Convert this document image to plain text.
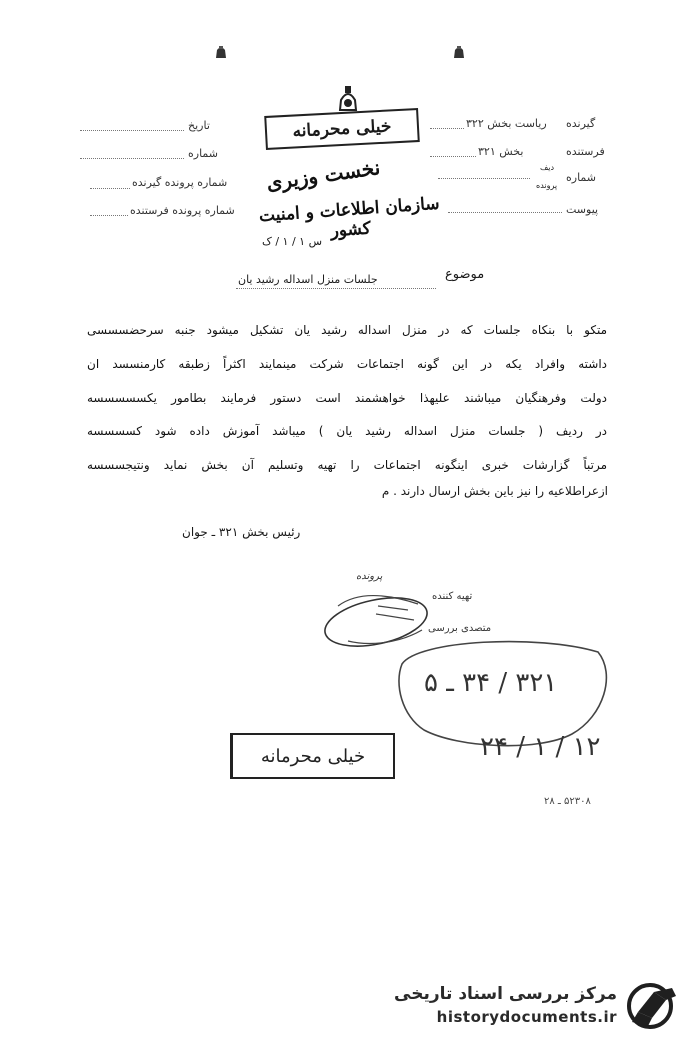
تاریخ
شماره
شماره پرونده گیرنده
شماره پرونده فرستنده
خیلی محرمانه
نخست وزیری
سازمان اطلاعات و امنیت کشور
س ۱ / ۱ / ک
گیرنده
ریاست بخش ۳۲۲
فرستنده
بخش ۳۲۱
شماره
دیف
پرونده
پیوست
موضوع
جلسات منزل اسداله رشید یان
متکو با بنکاه جلسات که در منزل اسداله رشید یان تشکیل میشود جنبه سرحضسسسی
داشته وافراد یکه در این گونه اجتماعات شرکت مینمایند اکثراً زطبقه کارمنسسد ان
دولت وفرهنگیان میباشند علیهذا خواهشمند است دستور فرمایند بطامور یکسسسسسه
در ردیف ( جلسات منزل اسداله رشید یان ) میباشد آموزش داده شود کسسسسه
مرتباً گزارشات خبری اینگونه اجتماعات را تهیه وتسلیم آن بخش نماید ونتیجسسسه
ازعراطلاعیه را نیز باین بخش ارسال دارند . م
رئیس بخش ۳۲۱ ـ جوان
پرونده
تهیه کننده
متصدی بررسی
۳۲۱ / ۳۴ ـ ۵
۲۴ / ۱ / ۱۲
خیلی محرمانه
۵۲۳۰۸ ـ ۲۸
مرکز بررسی اسناد تاریخی
historydocuments.ir
